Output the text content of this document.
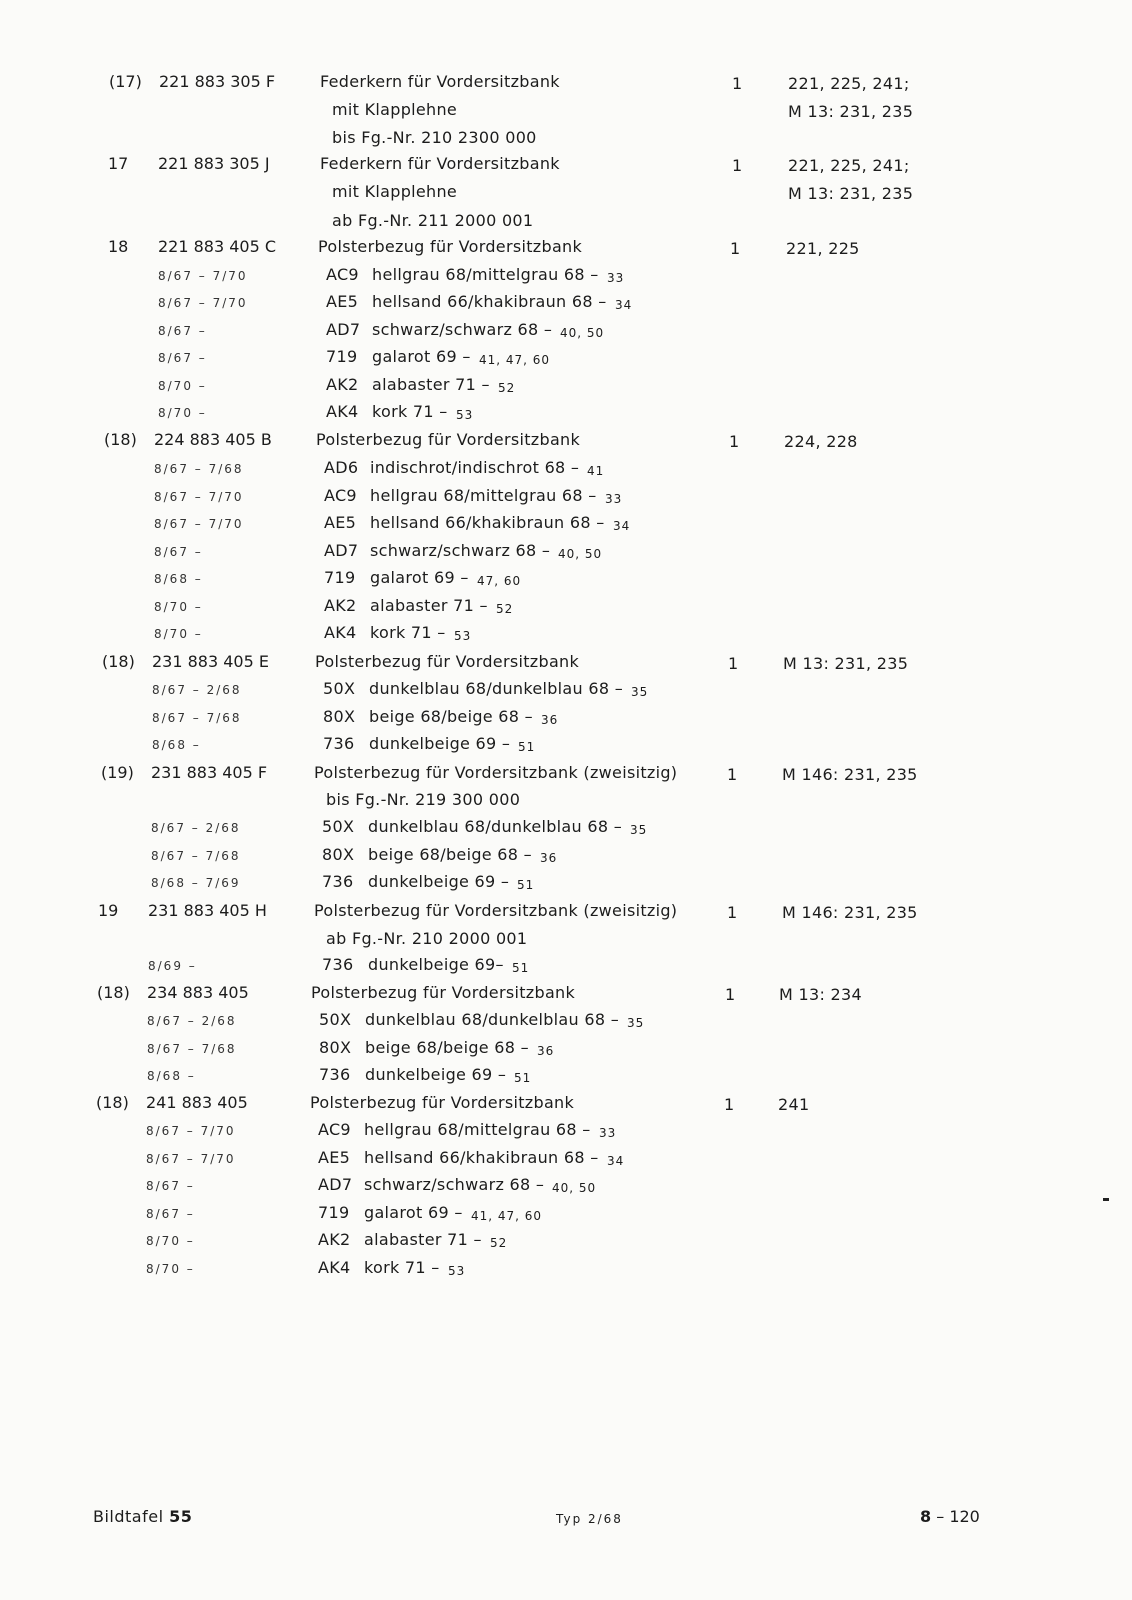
(17) 221 883 305 F	Federkern für Vordersitzbank	1	221, 225, 241;
mit Klapplehne	M 13: 231, 235
bis Fg.-Nr. 210 2300 000
17 221 883 305 J	Federkern für Vordersitzbank	1	221, 225, 241;
mit Klapplehne	M 13: 231, 235
ab Fg.-Nr. 211 2000 001
18 221 883 405 C	Polsterbezug für Vordersitzbank	1	221, 225
8/67 – 7/70	AC9 hellgrau 68/mittelgrau 68 – 33
8/67 – 7/70	AE5 hellsand 66/khakibraun 68 – 34
8/67 –	AD7 schwarz/schwarz 68 – 40, 50
8/67 –	719 galarot 69 – 41, 47, 60
8/70 –	AK2 alabaster 71 – 52
8/70 –	AK4 kork 71 – 53
(18) 224 883 405 B	Polsterbezug für Vordersitzbank	1	224, 228
8/67 – 7/68	AD6 indischrot/indischrot 68 – 41
8/67 – 7/70	AC9 hellgrau 68/mittelgrau 68 – 33
8/67 – 7/70	AE5 hellsand 66/khakibraun 68 – 34
8/67 –	AD7 schwarz/schwarz 68 – 40, 50
8/68 –	719 galarot 69 – 47, 60
8/70 –	AK2 alabaster 71 – 52
8/70 –	AK4 kork 71 – 53
(18) 231 883 405 E	Polsterbezug für Vordersitzbank	1	M 13: 231, 235
8/67 – 2/68	50X dunkelblau 68/dunkelblau 68 – 35
8/67 – 7/68	80X beige 68/beige 68 – 36
8/68 –	736 dunkelbeige 69 – 51
(19) 231 883 405 F	Polsterbezug für Vordersitzbank (zweisitzig)	1	M 146: 231, 235
bis Fg.-Nr. 219 300 000
8/67 – 2/68	50X dunkelblau 68/dunkelblau 68 – 35
8/67 – 7/68	80X beige 68/beige 68 – 36
8/68 – 7/69	736 dunkelbeige 69 – 51
19 231 883 405 H	Polsterbezug für Vordersitzbank (zweisitzig)	1	M 146: 231, 235
ab Fg.-Nr. 210 2000 001
8/69 –	736 dunkelbeige 69– 51
(18) 234 883 405	Polsterbezug für Vordersitzbank	1	M 13: 234
8/67 – 2/68	50X dunkelblau 68/dunkelblau 68 – 35
8/67 – 7/68	80X beige 68/beige 68 – 36
8/68 –	736 dunkelbeige 69 – 51
(18) 241 883 405	Polsterbezug für Vordersitzbank	1	241
8/67 – 7/70	AC9 hellgrau 68/mittelgrau 68 – 33
8/67 – 7/70	AE5 hellsand 66/khakibraun 68 – 34
8/67 –	AD7 schwarz/schwarz 68 – 40, 50
8/67 –	719 galarot 69 – 41, 47, 60
8/70 –	AK2 alabaster 71 – 52
8/70 –	AK4 kork 71 – 53
Bildtafel 55	Typ 2/68	8 – 120
